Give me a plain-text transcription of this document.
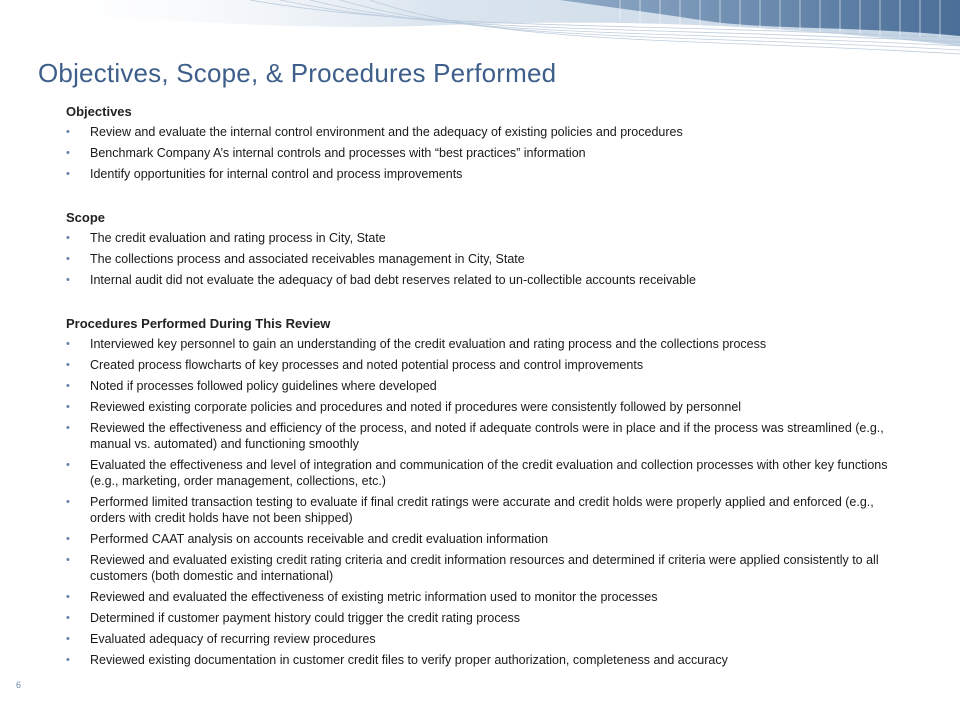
Objectives, Scope, & Procedures Performed
Objectives
• Review and evaluate the internal control environment and the adequacy of existing policies and procedures
• Benchmark Company A’s internal controls and processes with “best practices” information
• Identify opportunities for internal control and process improvements
Scope
• The credit evaluation and rating process in City, State
• The collections process and associated receivables management in City, State
• Internal audit did not evaluate the adequacy of bad debt reserves related to un-collectible accounts receivable
Procedures Performed During This Review
• Interviewed key personnel to gain an understanding of the credit evaluation and rating process and the collections process
• Created process flowcharts of key processes and noted potential process and control improvements
• Noted if processes followed policy guidelines where developed
• Reviewed existing corporate policies and procedures and noted if procedures were consistently followed by personnel
• Reviewed the effectiveness and efficiency of the process, and noted if adequate controls were in place and if the process was streamlined (e.g., manual vs. automated) and functioning smoothly
• Evaluated the effectiveness and level of integration and communication of the credit evaluation and collection processes with other key functions (e.g., marketing, order management, collections, etc.)
• Performed limited transaction testing to evaluate if final credit ratings were accurate and credit holds were properly applied and enforced (e.g., orders with credit holds have not been shipped)
• Performed CAAT analysis on accounts receivable and credit evaluation information
• Reviewed and evaluated existing credit rating criteria and credit information resources and determined if criteria were applied consistently to all customers (both domestic and international)
• Reviewed and evaluated the effectiveness of existing metric information used to monitor the processes
• Determined if customer payment history could trigger the credit rating process
• Evaluated adequacy of recurring review procedures
• Reviewed existing documentation in customer credit files to verify proper authorization, completeness and accuracy
6
